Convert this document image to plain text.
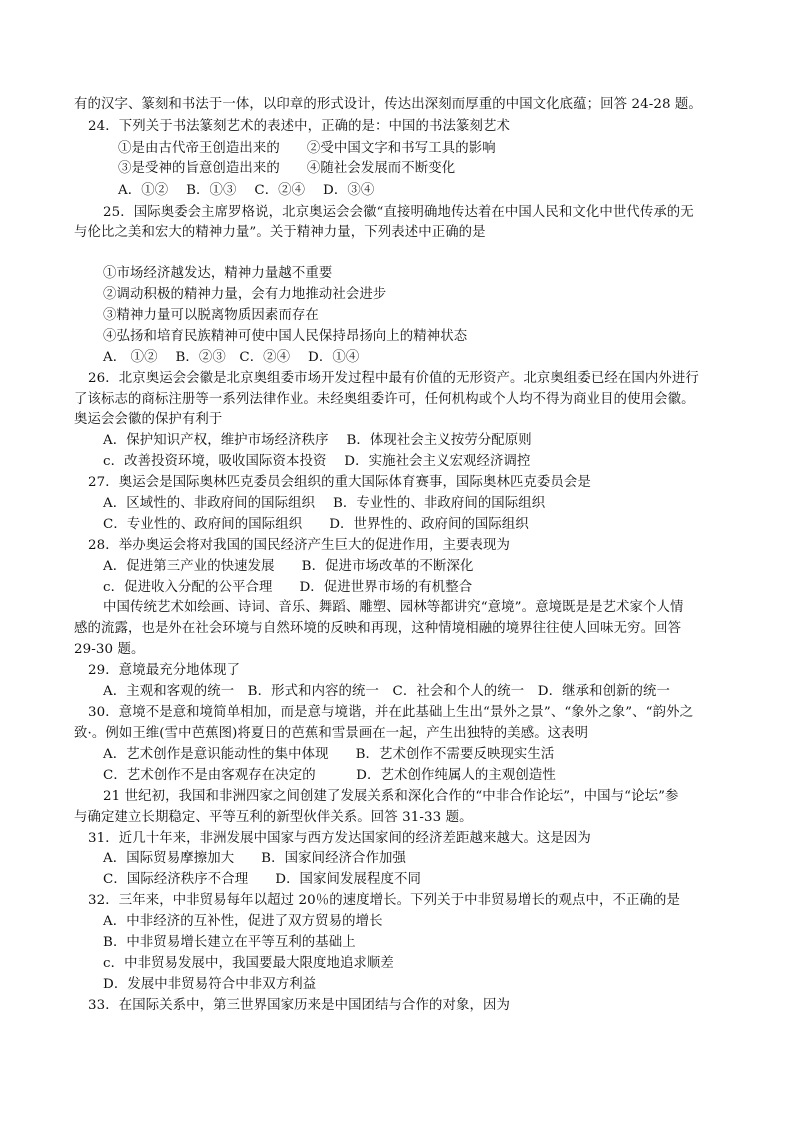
有的汉字、篆刻和书法于一体，以印章的形式设计，传达出深刻而厚重的中国文化底蕴；回答 24-28 题。
24．下列关于书法篆刻艺术的表述中，正确的是：中国的书法篆刻艺术
①是由古代帝王创造出来的　　②受中国文字和书写工具的影响
③是受神的旨意创造出来的　　④随社会发展而不断变化
A．①②　 B．①③　 C．②④　 D．③④
25．国际奥委会主席罗格说，北京奥运会会徽“直接明确地传达着在中国人民和文化中世代传承的无
与伦比之美和宏大的精神力量”。关于精神力量，下列表述中正确的是
①市场经济越发达，精神力量越不重要
②调动积极的精神力量，会有力地推动社会进步
③精神力量可以脱离物质因素而存在
④弘扬和培育民族精神可使中国人民保持昂扬向上的精神状态
A． ①②　 B．②③　C．②④　 D．①④
26．北京奥运会会徽是北京奥组委市场开发过程中最有价值的无形资产。北京奥组委已经在国内外进行
了该标志的商标注册等一系列法律作业。未经奥组委许可，任何机构或个人均不得为商业目的使用会徽。
奥运会会徽的保护有利于
A．保护知识产权，维护市场经济秩序　 B．体现社会主义按劳分配原则
c．改善投资环境，吸收国际资本投资　 D．实施社会主义宏观经济调控
27．奥运会是国际奥林匹克委员会组织的重大国际体育赛事，国际奥林匹克委员会是
A．区域性的、非政府间的国际组织　 B．专业性的、非政府间的国际组织
C．专业性的、政府间的国际组织　　D．世界性的、政府间的国际组织
28．举办奥运会将对我国的国民经济产生巨大的促进作用，主要表现为
A．促进第三产业的快速发展　　B．促进市场改革的不断深化
c．促进收入分配的公平合理　　D．促进世界市场的有机整合
中国传统艺术如绘画、诗词、音乐、舞蹈、雕塑、园林等都讲究“意境”。意境既是是艺术家个人情
感的流露，也是外在社会环境与自然环境的反映和再现，这种情境相融的境界往往使人回味无穷。回答
29-30 题。
29．意境最充分地体现了
A．主观和客观的统一　B．形式和内容的统一　C．社会和个人的统一　D．继承和创新的统一
30．意境不是意和境简单相加，而是意与境谐，并在此基础上生出“景外之景”、“象外之象”、“韵外之
致·。例如王维(雪中芭蕉图)将夏日的芭蕉和雪景画在一起，产生出独特的美感。这表明
A．艺术创作是意识能动性的集中体现　　B．艺术创作不需要反映现实生活
C．艺术创作不是由客观存在决定的　　　D．艺术创作纯属人的主观创造性
21 世纪初，我国和非洲四家之间创建了发展关系和深化合作的“中非合作论坛”，中国与“论坛”参
与确定建立长期稳定、平等互利的新型伙伴关系。回答 31-33 题。
31．近几十年来，非洲发展中国家与西方发达国家间的经济差距越来越大。这是因为
A．国际贸易摩擦加大　　B．国家间经济合作加强
C．国际经济秩序不合理　　D．国家间发展程度不同
32．三年来，中非贸易每年以超过 20％的速度增长。下列关于中非贸易增长的观点中，不正确的是
A．中非经济的互补性，促进了双方贸易的增长
B．中非贸易增长建立在平等互利的基础上
c．中非贸易发展中，我国要最大限度地追求顺差
D．发展中非贸易符合中非双方利益
33．在国际关系中，第三世界国家历来是中国团结与合作的对象，因为
